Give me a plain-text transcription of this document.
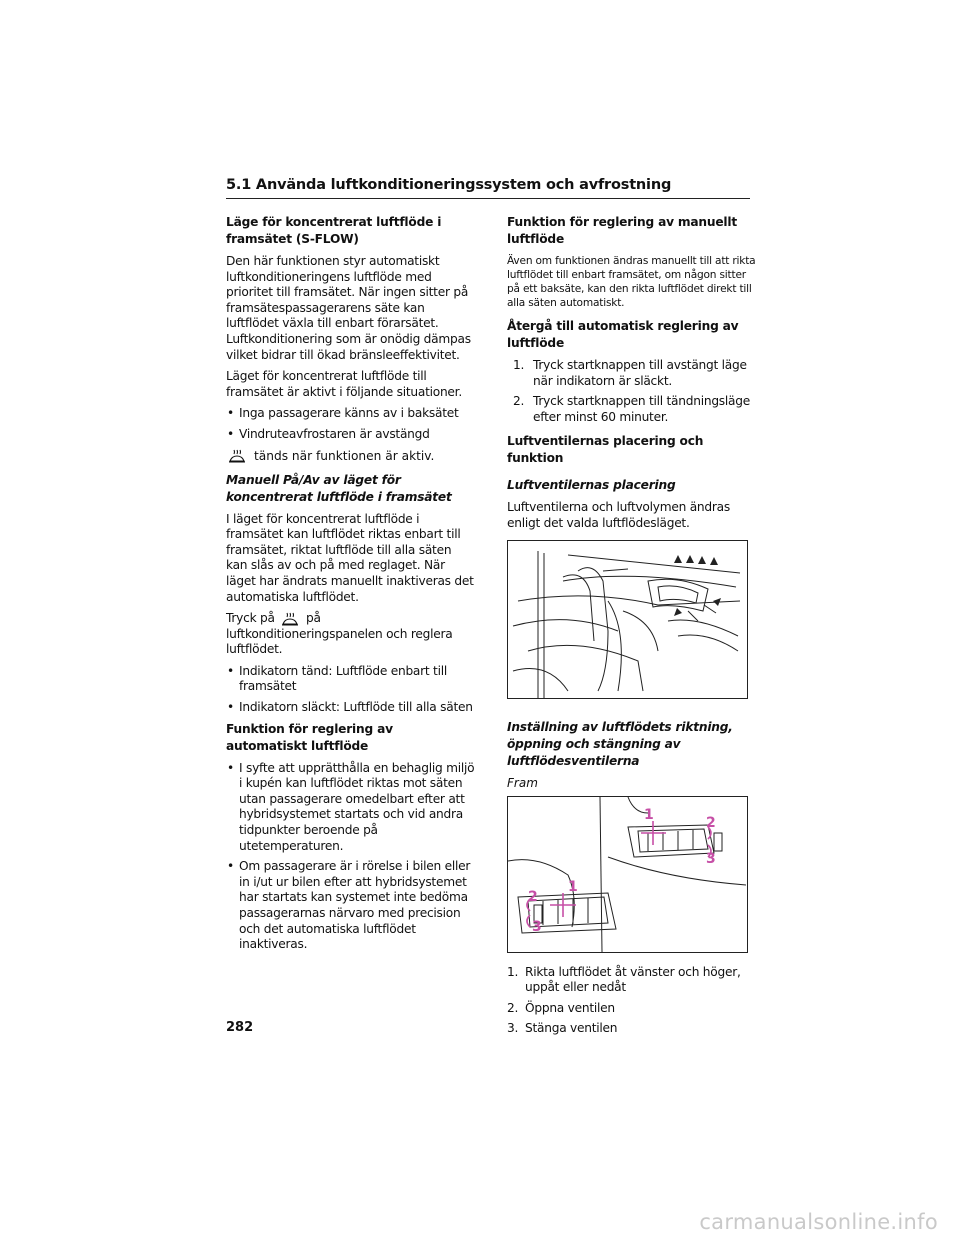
5.1 Använda luftkonditioneringssystem och avfrostning
Läge för koncentrerat luftflöde i framsätet (S-FLOW)
Den här funktionen styr automatiskt luftkonditioneringens luftflöde med prioritet till framsätet. När ingen sitter på framsätespassagerarens säte kan luftflödet växla till enbart förarsätet. Luftkonditionering som är onödig dämpas vilket bidrar till ökad bränsleeffektivitet.
Läget för koncentrerat luftflöde till framsätet är aktivt i följande situationer.
• Inga passagerare känns av i baksätet
• Vindruteavfrostaren är avstängd
tänds när funktionen är aktiv.
Manuell På/Av av läget för koncentrerat luftflöde i framsätet
I läget för koncentrerat luftflöde i framsätet kan luftflödet riktas enbart till framsätet, riktat luftflöde till alla säten kan slås av och på med reglaget. När läget har ändrats manuellt inaktiveras det automatiska luftflödet.
Tryck på	på luftkonditioneringspanelen och reglera luftflödet.
• Indikatorn tänd: Luftflöde enbart till framsätet
• Indikatorn släckt: Luftflöde till alla säten
Funktion för reglering av automatiskt luftflöde
• I syfte att upprätthålla en behaglig miljö i kupén kan luftflödet riktas mot säten utan passagerare omedelbart efter att hybridsystemet startats och vid andra tidpunkter beroende på utetemperaturen.
• Om passagerare är i rörelse i bilen eller in i/ut ur bilen efter att hybridsystemet har startats kan systemet inte bedöma passagerarnas närvaro med precision och det automatiska luftflödet inaktiveras.
Funktion för reglering av manuellt luftflöde
Även om funktionen ändras manuellt till att rikta luftflödet till enbart framsätet, om någon sitter på ett baksäte, kan den rikta luftflödet direkt till alla säten automatiskt.
Återgå till automatisk reglering av luftflöde
1. Tryck startknappen till avstängt läge när indikatorn är släckt.
2. Tryck startknappen till tändningsläge efter minst 60 minuter.
Luftventilernas placering och funktion
Luftventilernas placering
Luftventilerna och luftvolymen ändras enligt det valda luftflödesläget.
Inställning av luftflödets riktning, öppning och stängning av luftflödesventilerna
Fram
1	2
3
1
2
3
1. Rikta luftflödet åt vänster och höger, uppåt eller nedåt
2. Öppna ventilen
3. Stänga ventilen
282
carmanualsonline.info
